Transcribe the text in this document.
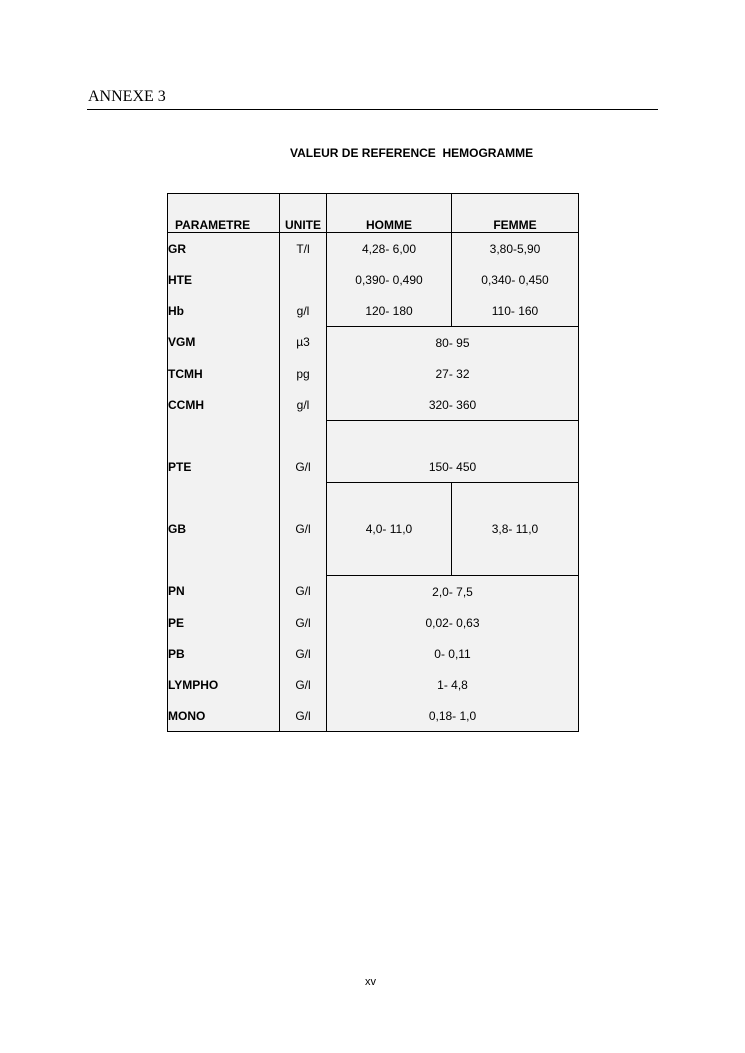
ANNEXE 3
VALEUR DE REFERENCE  HEMOGRAMME
PARAMETRE	UNITE	HOMME	FEMME
GR	T/l	4,28- 6,00	3,80-5,90
HTE		0,390- 0,490	0,340- 0,450
Hb	g/l	120- 180	110- 160
VGM	µ3	80- 95	
TCMH	pg	27- 32	
CCMH	g/l	320- 360	
PTE	G/l	150- 450	
GB	G/l	4,0- 11,0	3,8- 11,0
PN	G/l	2,0- 7,5	
PE	G/l	0,02- 0,63	
PB	G/l	0- 0,11	
LYMPHO	G/l	1- 4,8	
MONO	G/l	0,18- 1,0	
xv
